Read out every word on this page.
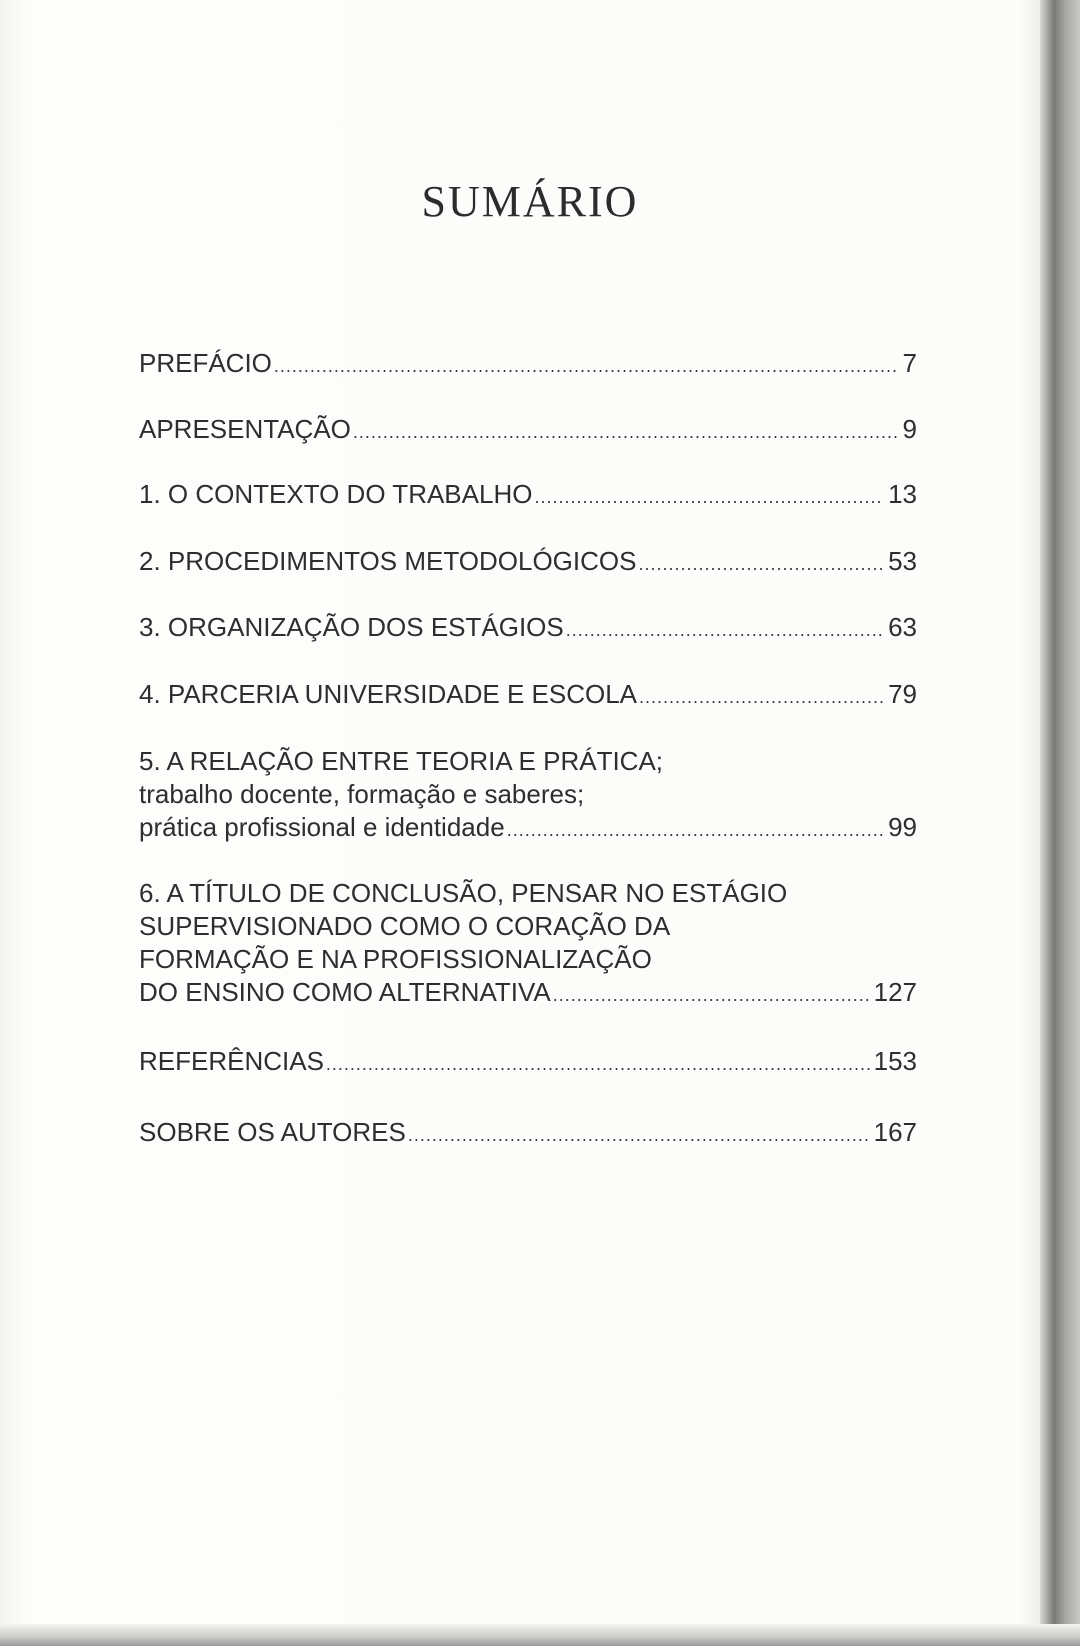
SUMÁRIO
PREFÁCIO .....	7
APRESENTAÇÃO .....	9
1. O CONTEXTO DO TRABALHO .....	13
2. PROCEDIMENTOS METODOLÓGICOS .....	53
3. ORGANIZAÇÃO DOS ESTÁGIOS .....	63
4. PARCERIA UNIVERSIDADE E ESCOLA .....	79
5. A RELAÇÃO ENTRE TEORIA E PRÁTICA;
trabalho docente, formação e saberes;
prática profissional e identidade .....	99
6. A TÍTULO DE CONCLUSÃO, PENSAR NO ESTÁGIO
SUPERVISIONADO COMO O CORAÇÃO DA
FORMAÇÃO E NA PROFISSIONALIZAÇÃO
DO ENSINO COMO ALTERNATIVA .....	127
REFERÊNCIAS .....	153
SOBRE OS AUTORES .....	167
